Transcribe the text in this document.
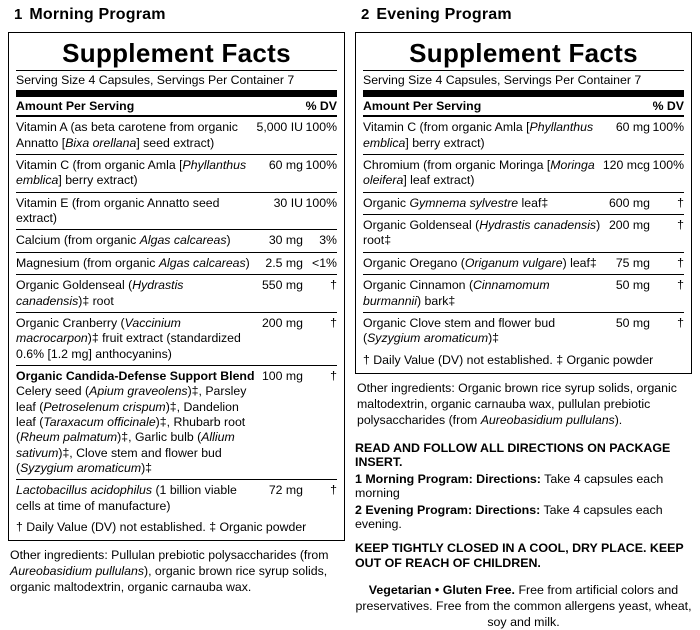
1 Morning Program
Supplement Facts
Serving Size 4 Capsules, Servings Per Container 7
Amount Per Serving	% DV
Vitamin A (as beta carotene from organic Annatto [Bixa orellana] seed extract)	5,000 IU	100%
Vitamin C (from organic Amla [Phyllanthus emblica] berry extract)	60 mg	100%
Vitamin E (from organic Annatto seed extract)	30 IU	100%
Calcium (from organic Algas calcareas)	30 mg	3%
Magnesium (from organic Algas calcareas)	2.5 mg	<1%
Organic Goldenseal (Hydrastis canadensis)‡ root	550 mg	†
Organic Cranberry (Vaccinium macrocarpon)‡ fruit extract (standardized 0.6% [1.2 mg] anthocyanins)	200 mg	†
Organic Candida-Defense Support Blend
Celery seed (Apium graveolens)‡, Parsley leaf (Petroselenum crispum)‡, Dandelion leaf (Taraxacum officinale)‡, Rhubarb root (Rheum palmatum)‡, Garlic bulb (Allium sativum)‡, Clove stem and flower bud (Syzygium aromaticum)‡	100 mg	†
Lactobacillus acidophilus (1 billion viable cells at time of manufacture)	72 mg	†
† Daily Value (DV) not established. ‡ Organic powder
Other ingredients: Pullulan prebiotic polysaccharides (from Aureobasidium pullulans), organic brown rice syrup solids, organic maltodextrin, organic carnauba wax.
2 Evening Program
Supplement Facts
Serving Size 4 Capsules, Servings Per Container 7
Amount Per Serving	% DV
Vitamin C (from organic Amla [Phyllanthus emblica] berry extract)	60 mg	100%
Chromium (from organic Moringa [Moringa oleifera] leaf extract)	120 mcg	100%
Organic Gymnema sylvestre leaf‡	600 mg	†
Organic Goldenseal (Hydrastis canadensis) root‡	200 mg	†
Organic Oregano (Origanum vulgare) leaf‡	75 mg	†
Organic Cinnamon (Cinnamomum burmannii) bark‡	50 mg	†
Organic Clove stem and flower bud (Syzygium aromaticum)‡	50 mg	†
† Daily Value (DV) not established. ‡ Organic powder
Other ingredients: Organic brown rice syrup solids, organic maltodextrin, organic carnauba wax, pullulan prebiotic polysaccharides (from Aureobasidium pullulans).
READ AND FOLLOW ALL DIRECTIONS ON PACKAGE INSERT.
1 Morning Program: Directions: Take 4 capsules each morning
2 Evening Program: Directions: Take 4 capsules each evening.
KEEP TIGHTLY CLOSED IN A COOL, DRY PLACE. KEEP OUT OF REACH OF CHILDREN.
Vegetarian • Gluten Free. Free from artificial colors and preservatives. Free from the common allergens yeast, wheat, soy and milk.
